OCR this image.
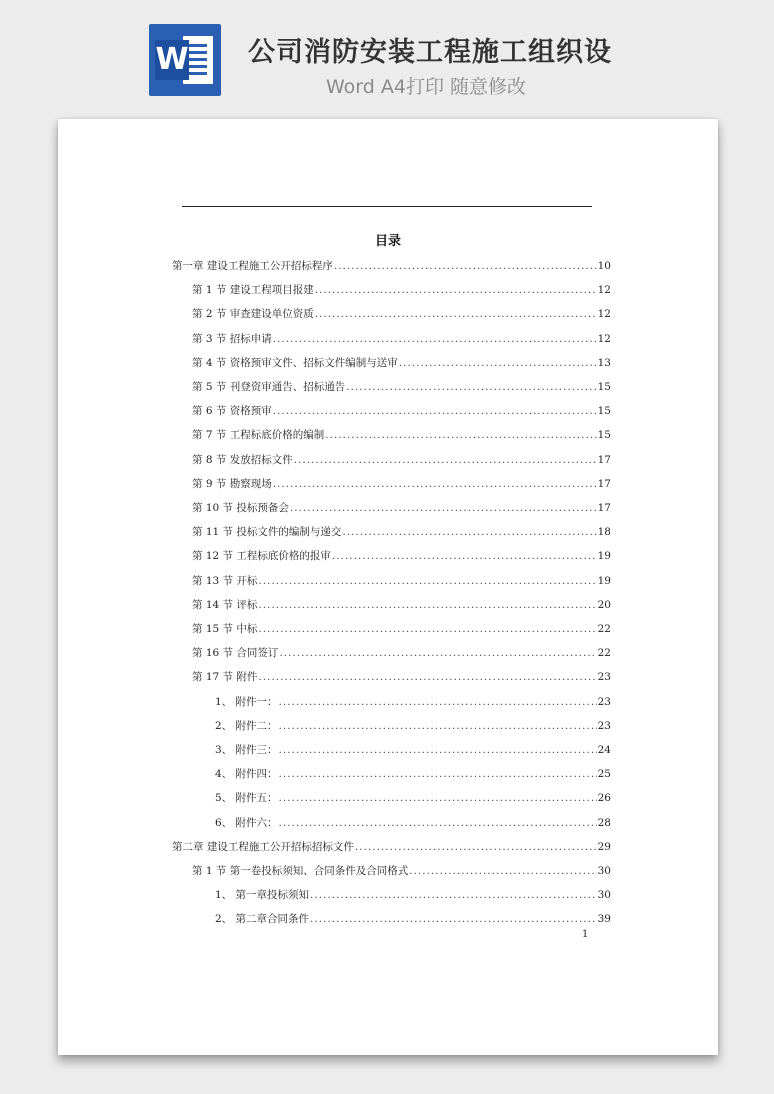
W 公司消防安装工程施工组织设
Word A4打印 随意修改
目录
第一章 建设工程施工公开招标程序 .....	10
第 1 节 建设工程项目报建 .....	12
第 2 节 审查建设单位资质 .....	12
第 3 节 招标申请 .....	12
第 4 节 资格预审文件、招标文件编制与送审 .....	13
第 5 节 刊登资审通告、招标通告 .....	15
第 6 节 资格预审 .....	15
第 7 节 工程标底价格的编制 .....	15
第 8 节 发放招标文件 .....	17
第 9 节 勘察现场 .....	17
第 10 节 投标预备会 .....	17
第 11 节 投标文件的编制与递交 .....	18
第 12 节 工程标底价格的报审 .....	19
第 13 节 开标 .....	19
第 14 节 评标 .....	20
第 15 节 中标 .....	22
第 16 节 合同签订 .....	22
第 17 节 附件 .....	23
1、 附件一： .....	23
2、 附件二： .....	23
3、 附件三： .....	24
4、 附件四： .....	25
5、 附件五： .....	26
6、 附件六： .....	28
第二章 建设工程施工公开招标招标文件 .....	29
第 1 节 第一卷投标须知、合同条件及合同格式 .....	30
1、 第一章投标须知 .....	30
2、 第二章合同条件 .....	39
1
